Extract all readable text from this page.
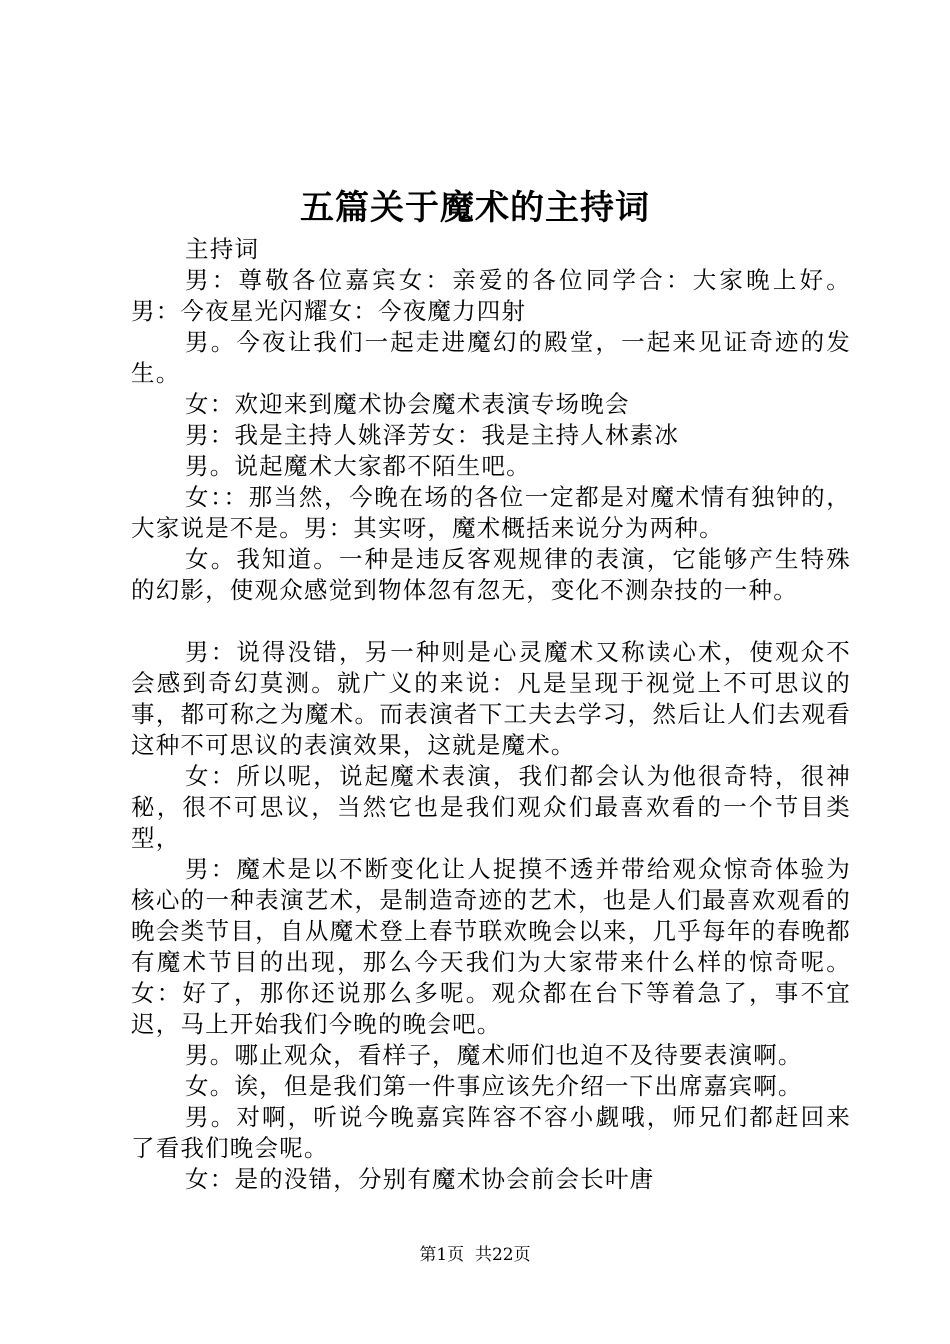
五篇关于魔术的主持词

主持词

男：尊敬各位嘉宾女：亲爱的各位同学合：大家晚上好。男：今夜星光闪耀女：今夜魔力四射

男。今夜让我们一起走进魔幻的殿堂，一起来见证奇迹的发生。

女：欢迎来到魔术协会魔术表演专场晚会

男：我是主持人姚泽芳女：我是主持人林素冰

男。说起魔术大家都不陌生吧。

女：：那当然，今晚在场的各位一定都是对魔术情有独钟的，大家说是不是。男：其实呀，魔术概括来说分为两种。

女。我知道。一种是违反客观规律的表演，它能够产生特殊的幻影，使观众感觉到物体忽有忽无，变化不测杂技的一种。

男：说得没错，另一种则是心灵魔术又称读心术，使观众不会感到奇幻莫测。就广义的来说：凡是呈现于视觉上不可思议的事，都可称之为魔术。而表演者下工夫去学习，然后让人们去观看这种不可思议的表演效果，这就是魔术。

女：所以呢，说起魔术表演，我们都会认为他很奇特，很神秘，很不可思议，当然它也是我们观众们最喜欢看的一个节目类型，

男：魔术是以不断变化让人捉摸不透并带给观众惊奇体验为核心的一种表演艺术，是制造奇迹的艺术，也是人们最喜欢观看的晚会类节目，自从魔术登上春节联欢晚会以来，几乎每年的春晚都有魔术节目的出现，那么今天我们为大家带来什么样的惊奇呢。女：好了，那你还说那么多呢。观众都在台下等着急了，事不宜迟，马上开始我们今晚的晚会吧。

男。哪止观众，看样子，魔术师们也迫不及待要表演啊。

女。诶，但是我们第一件事应该先介绍一下出席嘉宾啊。

男。对啊，听说今晚嘉宾阵容不容小觑哦，师兄们都赶回来了看我们晚会呢。

女：是的没错，分别有魔术协会前会长叶唐

第1页  共22页
